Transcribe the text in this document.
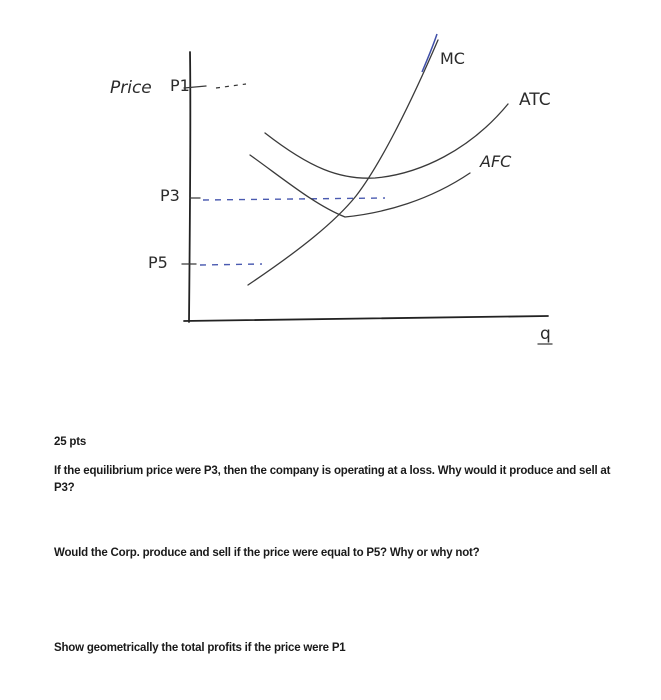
Price P1
P3
P5
MC
ATC
AFC
q
25 pts
If the equilibrium price were P3, then the company is operating at a loss. Why would it produce and sell at P3?
Would the Corp. produce and sell if the price were equal to P5? Why or why not?
Show geometrically the total profits if the price were P1
